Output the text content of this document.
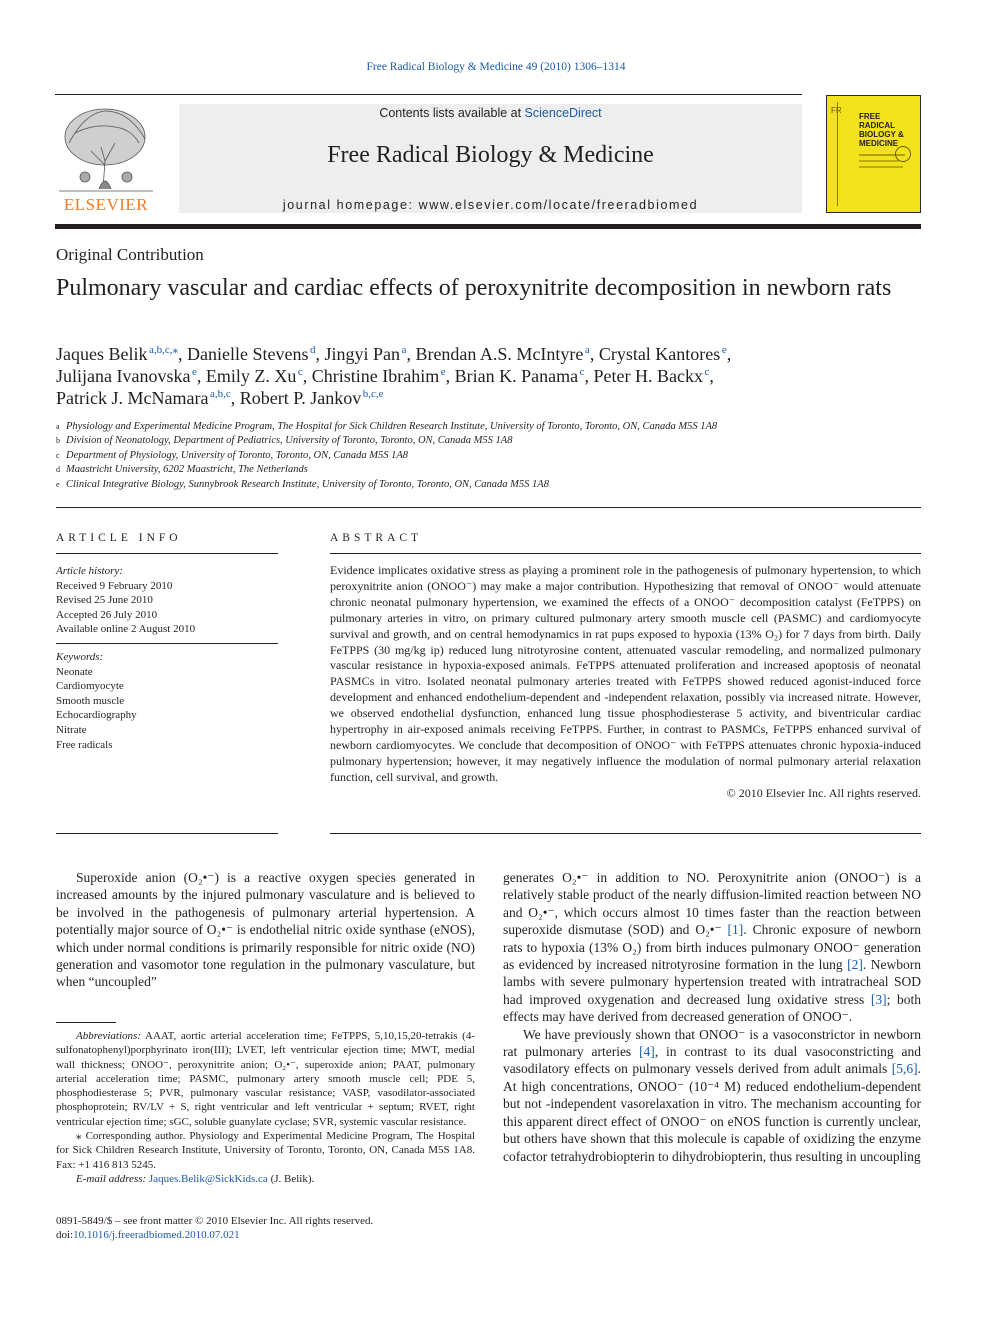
Free Radical Biology & Medicine 49 (2010) 1306–1314
ELSEVIER
Contents lists available at ScienceDirect
Free Radical Biology & Medicine
journal homepage: www.elsevier.com/locate/freeradbiomed
FR
FREE
RADICAL
BIOLOGY &
MEDICINE
Original Contribution
Pulmonary vascular and cardiac effects of peroxynitrite decomposition in newborn rats
Jaques Belik  $^{a,b,c,⁎}$, Danielle Stevens  $^d$, Jingyi Pan  $^a$, Brendan A.S. McIntyre  $^a$, Crystal Kantores  $^e$,
Julijana Ivanovska  $^e$, Emily Z. Xu  $^c$, Christine Ibrahim  $^e$, Brian K. Panama  $^c$, Peter H. Backx  $^c$,
Patrick J. McNamara  $^{a,b,c}$, Robert P. Jankov  $^{b,c,e}$
a Physiology and Experimental Medicine Program, The Hospital for Sick Children Research Institute, University of Toronto, Toronto, ON, Canada M5S 1A8
b Division of Neonatology, Department of Pediatrics, University of Toronto, Toronto, ON, Canada M5S 1A8
c Department of Physiology, University of Toronto, Toronto, ON, Canada M5S 1A8
d Maastricht University, 6202 Maastricht, The Netherlands
e Clinical Integrative Biology, Sunnybrook Research Institute, University of Toronto, Toronto, ON, Canada M5S 1A8
ARTICLE INFO	ABSTRACT
Article history:
Received 9 February 2010
Revised 25 June 2010
Accepted 26 July 2010
Available online 2 August 2010
Keywords:
Neonate
Cardiomyocyte
Smooth muscle
Echocardiography
Nitrate
Free radicals

Evidence implicates oxidative stress as playing a prominent role in the pathogenesis of pulmonary hypertension, to which peroxynitrite anion (ONOO⁻) may make a major contribution. Hypothesizing that removal of ONOO⁻ would attenuate chronic neonatal pulmonary hypertension, we examined the effects of a ONOO⁻ decomposition catalyst (FeTPPS) on pulmonary arteries in vitro, on primary cultured pulmonary artery smooth muscle cell (PASMC) and cardiomyocyte survival and growth, and on central hemodynamics in rat pups exposed to hypoxia (13% O₂) for 7 days from birth. Daily FeTPPS (30 mg/kg ip) reduced lung nitrotyrosine content, attenuated vascular remodeling, and normalized pulmonary vascular resistance in hypoxia-exposed animals. FeTPPS attenuated proliferation and increased apoptosis of neonatal PASMCs in vitro. Isolated neonatal pulmonary arteries treated with FeTPPS showed reduced agonist-induced force development and enhanced endothelium-dependent and -independent relaxation, possibly via increased nitrate. However, we observed endothelial dysfunction, enhanced lung tissue phosphodiesterase 5 activity, and biventricular cardiac hypertrophy in air-exposed animals receiving FeTPPS. Further, in contrast to PASMCs, FeTPPS enhanced survival of newborn cardiomyocytes. We conclude that decomposition of ONOO⁻ with FeTPPS attenuates chronic hypoxia-induced pulmonary hypertension; however, it may negatively influence the modulation of normal pulmonary arterial relaxation function, cell survival, and growth.

© 2010 Elsevier Inc. All rights reserved.

Superoxide anion (O₂•⁻) is a reactive oxygen species generated in increased amounts by the injured pulmonary vasculature and is believed to be involved in the pathogenesis of pulmonary arterial hypertension. A potentially major source of O₂•⁻ is endothelial nitric oxide synthase (eNOS), which under normal conditions is primarily responsible for nitric oxide (NO) generation and vasomotor tone regulation in the pulmonary vasculature, but when “uncoupled”

generates O₂•⁻ in addition to NO. Peroxynitrite anion (ONOO⁻) is a relatively stable product of the nearly diffusion-limited reaction between NO and O₂•⁻, which occurs almost 10 times faster than the reaction between superoxide dismutase (SOD) and O₂•⁻ [1]. Chronic exposure of newborn rats to hypoxia (13% O₂) from birth induces pulmonary ONOO⁻ generation as evidenced by increased nitrotyrosine formation in the lung [2]. Newborn lambs with severe pulmonary hypertension treated with intratracheal SOD had improved oxygenation and decreased lung oxidative stress [3]; both effects may have derived from decreased generation of ONOO⁻.

We have previously shown that ONOO⁻ is a vasoconstrictor in newborn rat pulmonary arteries [4], in contrast to its dual vasoconstricting and vasodilatory effects on pulmonary vessels derived from adult animals [5,6]. At high concentrations, ONOO⁻ (10⁻⁴ M) reduced endothelium-dependent but not -independent vasorelaxation in vitro. The mechanism accounting for this apparent direct effect of ONOO⁻ on eNOS function is currently unclear, but others have shown that this molecule is capable of oxidizing the enzyme cofactor tetrahydrobiopterin to dihydrobiopterin, thus resulting in uncoupling

Abbreviations: AAAT, aortic arterial acceleration time; FeTPPS, 5,10,15,20-tetrakis (4-sulfonatophenyl)porphyrinato iron(III); LVET, left ventricular ejection time; MWT, medial wall thickness; ONOO⁻, peroxynitrite anion; O₂•⁻, superoxide anion; PAAT, pulmonary arterial acceleration time; PASMC, pulmonary artery smooth muscle cell; PDE 5, phosphodiesterase 5; PVR, pulmonary vascular resistance; VASP, vasodilator-associated phosphoprotein; RV/LV + S, right ventricular and left ventricular + septum; RVET, right ventricular ejection time; sGC, soluble guanylate cyclase; SVR, systemic vascular resistance.

⁎ Corresponding author. Physiology and Experimental Medicine Program, The Hospital for Sick Children Research Institute, University of Toronto, Toronto, ON, Canada M5S 1A8. Fax: +1 416 813 5245.

E-mail address: Jaques.Belik@SickKids.ca (J. Belik).

0891-5849/$ – see front matter © 2010 Elsevier Inc. All rights reserved.
doi:10.1016/j.freeradbiomed.2010.07.021
